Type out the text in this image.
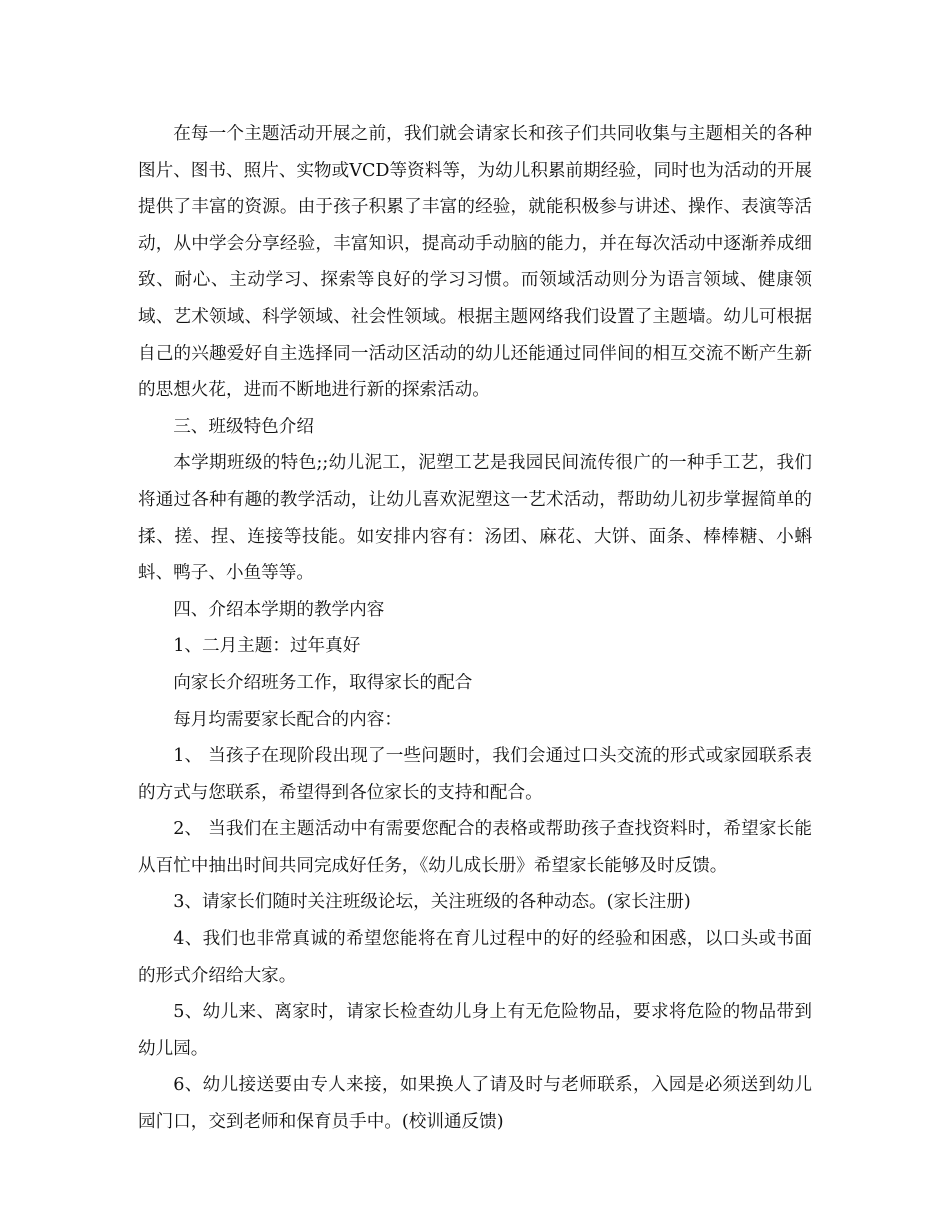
在每一个主题活动开展之前，我们就会请家长和孩子们共同收集与主题相关的各种图片、图书、照片、实物或VCD等资料等，为幼儿积累前期经验，同时也为活动的开展提供了丰富的资源。由于孩子积累了丰富的经验，就能积极参与讲述、操作、表演等活动，从中学会分享经验，丰富知识，提高动手动脑的能力，并在每次活动中逐渐养成细致、耐心、主动学习、探索等良好的学习习惯。而领域活动则分为语言领域、健康领域、艺术领域、科学领域、社会性领域。根据主题网络我们设置了主题墙。幼儿可根据自己的兴趣爱好自主选择同一活动区活动的幼儿还能通过同伴间的相互交流不断产生新的思想火花，进而不断地进行新的探索活动。

三、班级特色介绍

本学期班级的特色;;幼儿泥工，泥塑工艺是我园民间流传很广的一种手工艺，我们将通过各种有趣的教学活动，让幼儿喜欢泥塑这一艺术活动，帮助幼儿初步掌握简单的揉、搓、捏、连接等技能。如安排内容有：汤团、麻花、大饼、面条、棒棒糖、小蝌蚪、鸭子、小鱼等等。

四、介绍本学期的教学内容

1、二月主题：过年真好

向家长介绍班务工作，取得家长的配合

每月均需要家长配合的内容：

1、 当孩子在现阶段出现了一些问题时，我们会通过口头交流的形式或家园联系表的方式与您联系，希望得到各位家长的支持和配合。

2、 当我们在主题活动中有需要您配合的表格或帮助孩子查找资料时，希望家长能从百忙中抽出时间共同完成好任务，《幼儿成长册》希望家长能够及时反馈。

3、请家长们随时关注班级论坛，关注班级的各种动态。(家长注册)

4、我们也非常真诚的希望您能将在育儿过程中的好的经验和困惑，以口头或书面的形式介绍给大家。

5、幼儿来、离家时，请家长检查幼儿身上有无危险物品，要求将危险的物品带到幼儿园。

6、幼儿接送要由专人来接，如果换人了请及时与老师联系，入园是必须送到幼儿园门口，交到老师和保育员手中。(校训通反馈)
